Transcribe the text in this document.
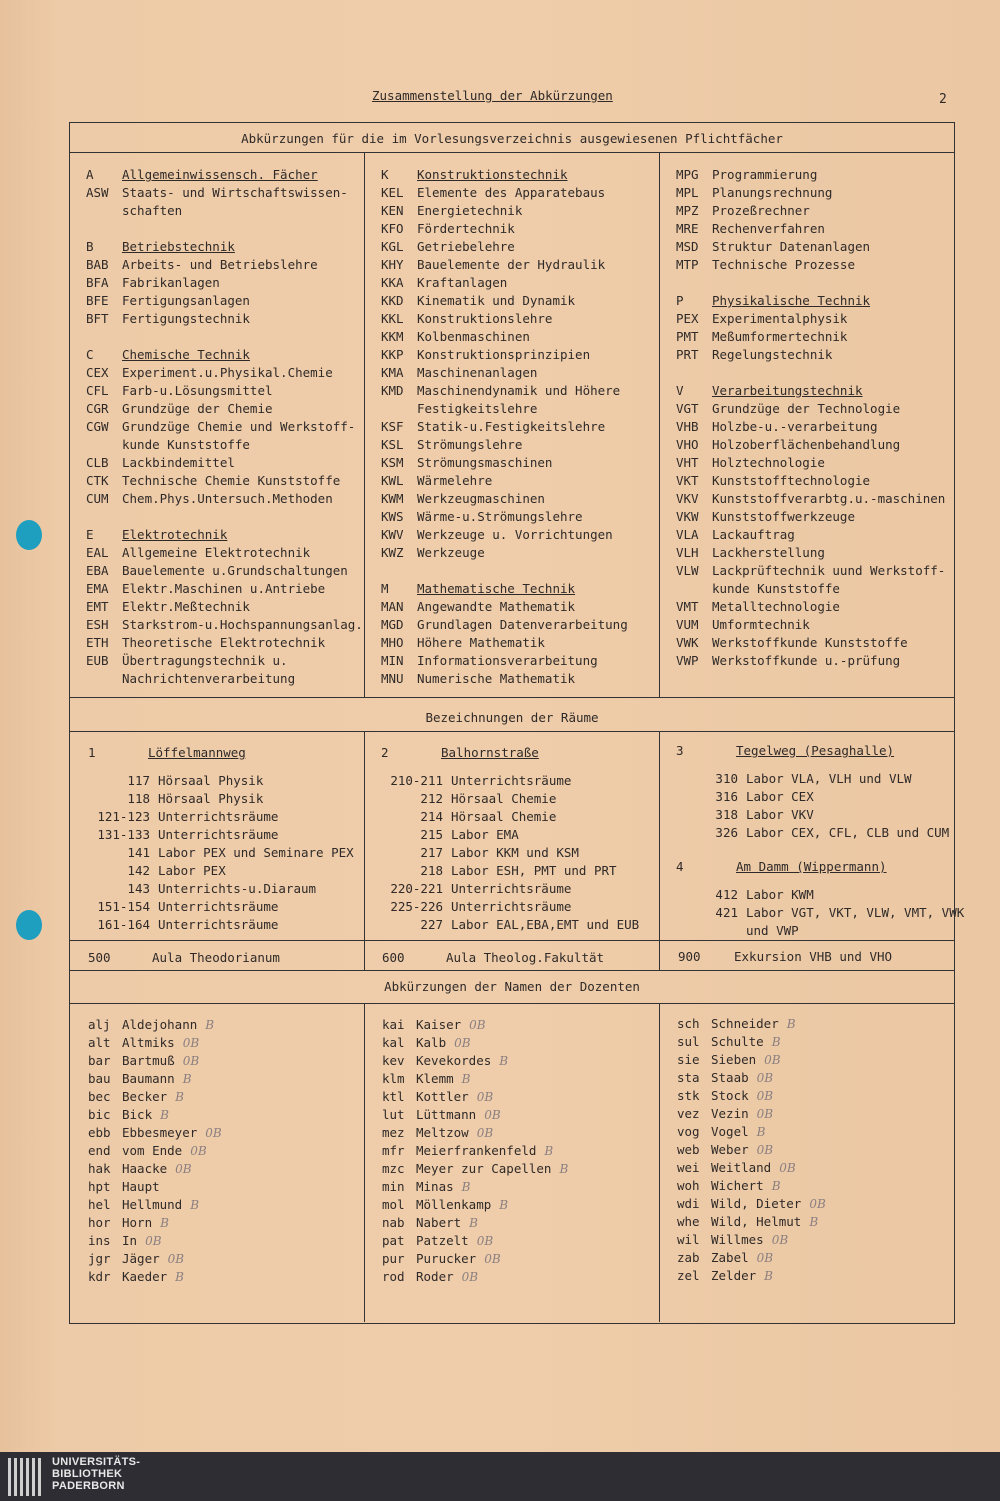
Zusammenstellung der Abkürzungen	2
Abkürzungen für die im Vorlesungsverzeichnis ausgewiesenen Pflichtfächer
Bezeichnungen der Räume
Abkürzungen der Namen der Dozenten
A	Allgemeinwissensch. Fächer
ASW	Staats- und Wirtschaftswissen-
schaften
B	Betriebstechnik
BAB	Arbeits- und Betriebslehre
BFA	Fabrikanlagen
BFE	Fertigungsanlagen
BFT	Fertigungstechnik
C	Chemische Technik
CEX	Experiment.u.Physikal.Chemie
CFL	Farb-u.Lösungsmittel
CGR	Grundzüge der Chemie
CGW	Grundzüge Chemie und Werkstoff-
kunde Kunststoffe
CLB	Lackbindemittel
CTK	Technische Chemie Kunststoffe
CUM	Chem.Phys.Untersuch.Methoden
E	Elektrotechnik
EAL	Allgemeine Elektrotechnik
EBA	Bauelemente u.Grundschaltungen
EMA	Elektr.Maschinen u.Antriebe
EMT	Elektr.Meßtechnik
ESH	Starkstrom-u.Hochspannungsanlag.
ETH	Theoretische Elektrotechnik
EUB	Übertragungstechnik u.
Nachrichtenverarbeitung
K	Konstruktionstechnik
KEL	Elemente des Apparatebaus
KEN	Energietechnik
KFO	Fördertechnik
KGL	Getriebelehre
KHY	Bauelemente der Hydraulik
KKA	Kraftanlagen
KKD	Kinematik und Dynamik
KKL	Konstruktionslehre
KKM	Kolbenmaschinen
KKP	Konstruktionsprinzipien
KMA	Maschinenanlagen
KMD	Maschinendynamik und Höhere
Festigkeitslehre
KSF	Statik-u.Festigkeitslehre
KSL	Strömungslehre
KSM	Strömungsmaschinen
KWL	Wärmelehre
KWM	Werkzeugmaschinen
KWS	Wärme-u.Strömungslehre
KWV	Werkzeuge u. Vorrichtungen
KWZ	Werkzeuge
M	Mathematische Technik
MAN	Angewandte Mathematik
MGD	Grundlagen Datenverarbeitung
MHO	Höhere Mathematik
MIN	Informationsverarbeitung
MNU	Numerische Mathematik
MPG	Programmierung
MPL	Planungsrechnung
MPZ	Prozeßrechner
MRE	Rechenverfahren
MSD	Struktur Datenanlagen
MTP	Technische Prozesse
P	Physikalische Technik
PEX	Experimentalphysik
PMT	Meßumformertechnik
PRT	Regelungstechnik
V	Verarbeitungstechnik
VGT	Grundzüge der Technologie
VHB	Holzbe-u.-verarbeitung
VHO	Holzoberflächenbehandlung
VHT	Holztechnologie
VKT	Kunststofftechnologie
VKV	Kunststoffverarbtg.u.-maschinen
VKW	Kunststoffwerkzeuge
VLA	Lackauftrag
VLH	Lackherstellung
VLW	Lackprüftechnik uund Werkstoff-
kunde Kunststoffe
VMT	Metalltechnologie
VUM	Umformtechnik
VWK	Werkstoffkunde Kunststoffe
VWP	Werkstoffkunde u.-prüfung
1	Löffelmannweg
117 Hörsaal Physik
118 Hörsaal Physik
121-123 Unterrichtsräume
131-133 Unterrichtsräume
141 Labor PEX und Seminare PEX
142 Labor PEX
143 Unterrichts-u.Diaraum
151-154 Unterrichtsräume
161-164 Unterrichtsräume
2	Balhornstraße
210-211 Unterrichtsräume
212 Hörsaal Chemie
214 Hörsaal Chemie
215 Labor EMA
217 Labor KKM und KSM
218 Labor ESH, PMT und PRT
220-221 Unterrichtsräume
225-226 Unterrichtsräume
227 Labor EAL,EBA,EMT und EUB
3	Tegelweg (Pesaghalle)
310 Labor VLA, VLH und VLW
316 Labor CEX
318 Labor VKV
326 Labor CEX, CFL, CLB und CUM
4	Am Damm (Wippermann)
412 Labor KWM
421 Labor VGT, VKT, VLW, VMT, VWK
und VWP
500	Aula Theodorianum	600	Aula Theolog.Fakultät	900	Exkursion VHB und VHO
alj Aldejohann B
alt Altmiks 0B
bar Bartmuß 0B
bau Baumann B
bec Becker B
bic Bick B
ebb Ebbesmeyer 0B
end vom Ende 0B
hak Haacke 0B
hpt Haupt
hel Hellmund B
hor Horn B
ins In 0B
jgr Jäger 0B
kdr Kaeder B
kai Kaiser 0B
kal Kalb 0B
kev Kevekordes B
klm Klemm B
ktl Kottler 0B
lut Lüttmann 0B
mez Meltzow 0B
mfr Meierfrankenfeld B
mzc Meyer zur Capellen B
min Minas B
mol Möllenkamp B
nab Nabert B
pat Patzelt 0B
pur Purucker 0B
rod Roder 0B
sch Schneider B
sul Schulte B
sie Sieben 0B
sta Staab 0B
stk Stock 0B
vez Vezin 0B
vog Vogel B
web Weber 0B
wei Weitland 0B
woh Wichert B
wdi Wild, Dieter 0B
whe Wild, Helmut B
wil Willmes 0B
zab Zabel 0B
zel Zelder B
UNIVERSITÄTS-
BIBLIOTHEK
PADERBORN
